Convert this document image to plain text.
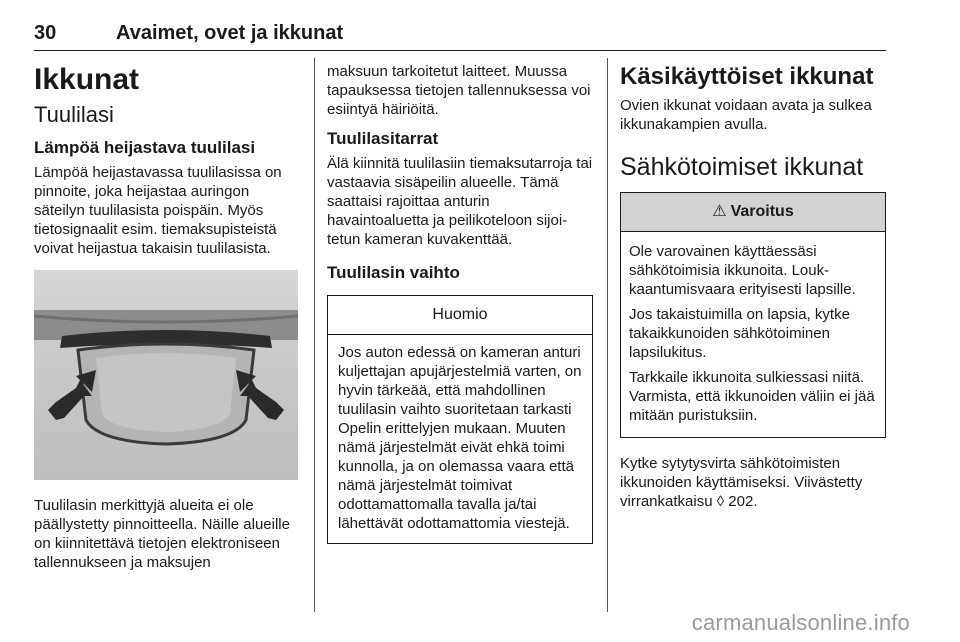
30	Avaimet, ovet ja ikkunat
Ikkunat
Tuulilasi
Lämpöä heijastava tuulilasi

Lämpöä heijastavassa tuulilasissa on pinnoite, joka heijastaa auringon säteilyn tuulilasista poispäin. Myös tietosignaalit esim. tiemaksupisteistä voivat heijastua takaisin tuulilasista.

Tuulilasin merkittyjä alueita ei ole päällystetty pinnoitteella. Näille alueille on kiinnitettävä tietojen elektroniseen tallennukseen ja maksujen

maksuun tarkoitetut laitteet. Muussa tapauksessa tietojen tallennuksessa voi esiintyä häiriöitä.

Tuulilasitarrat

Älä kiinnitä tuulilasiin tiemaksutarroja tai vastaavia sisäpeilin alueelle. Tämä saattaisi rajoittaa anturin havaintoaluetta ja peilikoteloon sijoitetun kameran kuvakenttää.

Tuulilasin vaihto
Huomio

Jos auton edessä on kameran anturi kuljettajan apujärjestelmiä varten, on hyvin tärkeää, että mahdollinen tuulilasin vaihto suoritetaan tarkasti Opelin erittelyjen mukaan. Muuten nämä järjestelmät eivät ehkä toimi kunnolla, ja on olemassa vaara että nämä järjestelmät toimivat odottamattomalla tavalla ja/tai lähettävät odottamattomia viestejä.

Käsikäyttöiset ikkunat

Ovien ikkunat voidaan avata ja sulkea ikkunakampien avulla.

Sähkötoimiset ikkunat
⚠ Varoitus

Ole varovainen käyttäessäsi sähkötoimisia ikkunoita. Loukkaantumisvaara erityisesti lapsille.

Jos takaistuimilla on lapsia, kytke takaikkunoiden sähkötoiminen lapsilukitus.

Tarkkaile ikkunoita sulkiessasi niitä. Varmista, että ikkunoiden väliin ei jää mitään puristuksiin.

Kytke sytytysvirta sähkötoimisten ikkunoiden käyttämiseksi. Viivästetty virrankatkaisu ◊ 202.

carmanualsonline.info
